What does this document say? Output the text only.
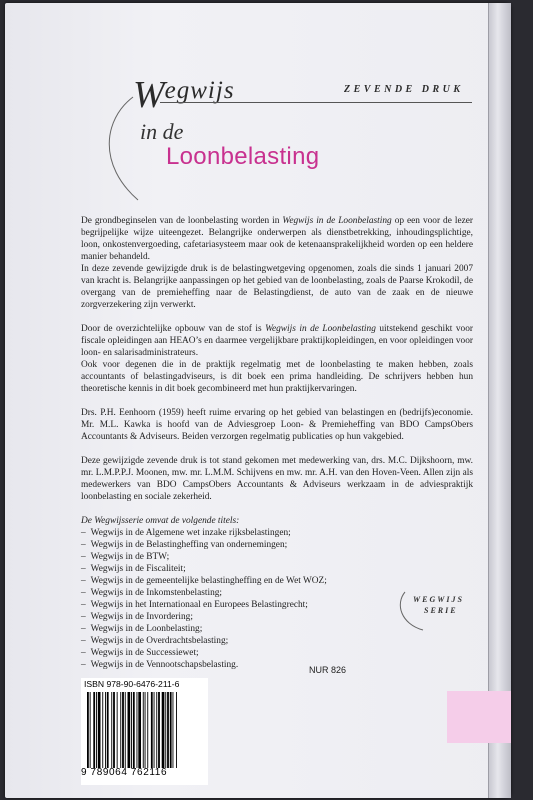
Wegwijs	ZEVENDE DRUK
in de
Loonbelasting

De grondbeginselen van de loonbelasting worden in Wegwijs in de Loonbelasting op een voor de lezer begrijpelijke wijze uiteengezet. Belangrijke onderwerpen als dienstbetrekking, inhoudingsplichtige, loon, onkostenvergoeding, cafetariasysteem maar ook de ketenaansprakelijkheid worden op een heldere manier behandeld.
In deze zevende gewijzigde druk is de belastingwetgeving opgenomen, zoals die sinds 1 januari 2007 van kracht is. Belangrijke aanpassingen op het gebied van de loonbelasting, zoals de Paarse Krokodil, de overgang van de premieheffing naar de Belastingdienst, de auto van de zaak en de nieuwe zorgverzekering zijn verwerkt.

Door de overzichtelijke opbouw van de stof is Wegwijs in de Loonbelasting uitstekend geschikt voor fiscale opleidingen aan HEAO’s en daarmee vergelijkbare praktijkopleidingen, en voor opleidingen voor loon- en salarisadministrateurs.
Ook voor degenen die in de praktijk regelmatig met de loonbelasting te maken hebben, zoals accountants of belastingadviseurs, is dit boek een prima handleiding. De schrijvers hebben hun theoretische kennis in dit boek gecombineerd met hun praktijkervaringen.

Drs. P.H. Eenhoorn (1959) heeft ruime ervaring op het gebied van belastingen en (bedrijfs)economie. Mr. M.L. Kawka is hoofd van de Adviesgroep Loon- & Premieheffing van BDO CampsObers Accountants & Adviseurs. Beiden verzorgen regelmatig publicaties op hun vakgebied.

Deze gewijzigde zevende druk is tot stand gekomen met medewerking van, drs. M.C. Dijkshoorn, mw. mr. L.M.P.P.J. Moonen, mw. mr. L.M.M. Schijvens en mw. mr. A.H. van den Hoven-Veen. Allen zijn als medewerkers van BDO CampsObers Accountants & Adviseurs werkzaam in de adviespraktijk loonbelasting en sociale zekerheid.

De Wegwijsserie omvat de volgende titels:
– Wegwijs in de Algemene wet inzake rijksbelastingen;
– Wegwijs in de Belastingheffing van ondernemingen;
– Wegwijs in de BTW;
– Wegwijs in de Fiscaliteit;
– Wegwijs in de gemeentelijke belastingheffing en de Wet WOZ;
– Wegwijs in de Inkomstenbelasting;
– Wegwijs in het Internationaal en Europees Belastingrecht;
– Wegwijs in de Invordering;
– Wegwijs in de Loonbelasting;
– Wegwijs in de Overdrachtsbelasting;
– Wegwijs in de Successiewet;
– Wegwijs in de Vennootschapsbelasting.
WEGWIJS
SERIE
NUR 826
ISBN 978-90-6476-211-6
9 789064 762116
